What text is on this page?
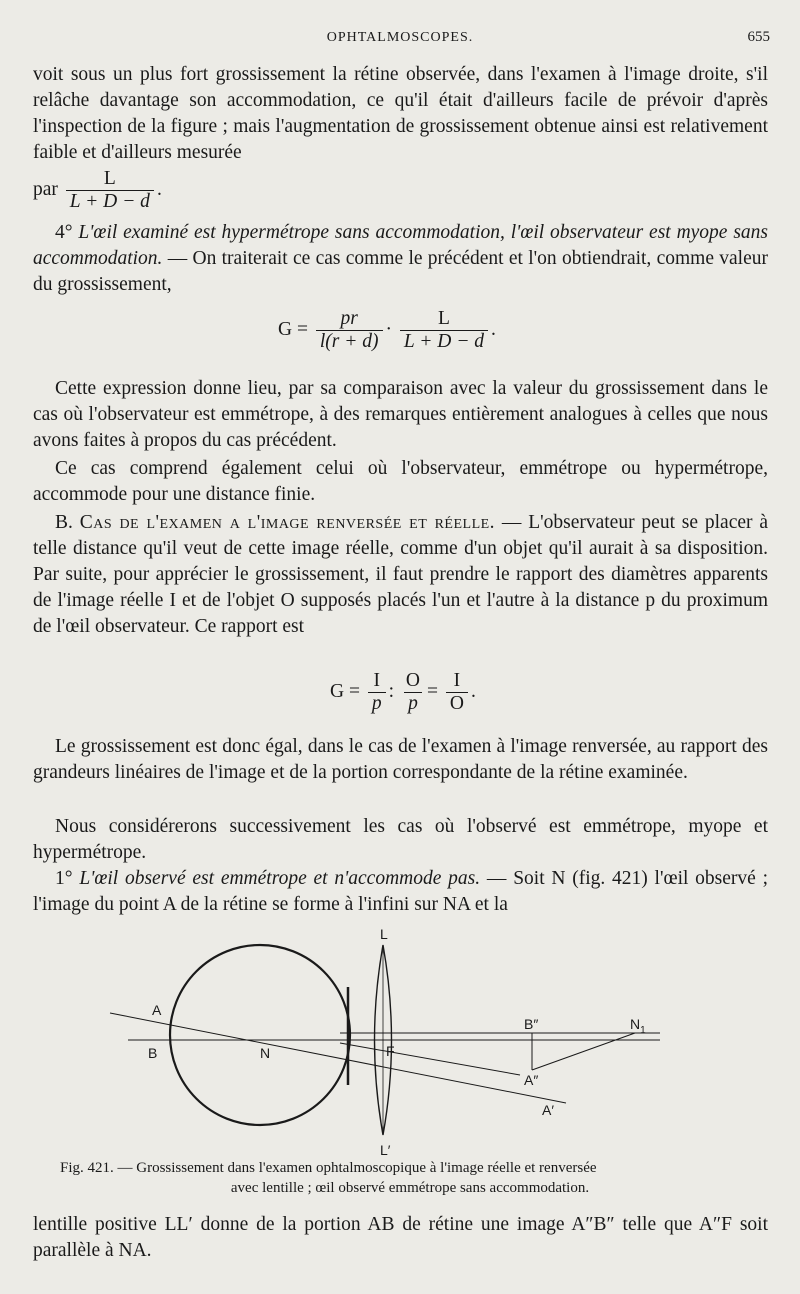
OPHTALMOSCOPES.	655
voit sous un plus fort grossissement la rétine observée, dans l'examen à l'image droite, s'il relâche davantage son accommodation, ce qu'il était d'ailleurs facile de prévoir d'après l'inspection de la figure ; mais l'augmentation de grossissement obtenue ainsi est relativement faible et d'ailleurs mesurée
par $\frac{L}{L + D - d}$ .
4° L'œil examiné est hypermétrope sans accommodation, l'œil observateur est myope sans accommodation. — On traiterait ce cas comme le précédent et l'on obtiendrait, comme valeur du grossissement,
$G = \frac{pr}{l(r + d)} \cdot \frac{L}{L + D - d}$ .
Cette expression donne lieu, par sa comparaison avec la valeur du grossissement dans le cas où l'observateur est emmétrope, à des remarques entièrement analogues à celles que nous avons faites à propos du cas précédent.
Ce cas comprend également celui où l'observateur, emmétrope ou hypermétrope, accommode pour une distance finie.
B. Cas de l'examen a l'image renversée et réelle. — L'observateur peut se placer à telle distance qu'il veut de cette image réelle, comme d'un objet qu'il aurait à sa disposition. Par suite, pour apprécier le grossissement, il faut prendre le rapport des diamètres apparents de l'image réelle I et de l'objet O supposés placés l'un et l'autre à la distance p du proximum de l'œil observateur. Ce rapport est
$G = \frac{I}{p}$ : $\frac{O}{p} = \frac{I}{O}$ .
Le grossissement est donc égal, dans le cas de l'examen à l'image renversée, au rapport des grandeurs linéaires de l'image et de la portion correspondante de la rétine examinée.
Nous considérerons successivement les cas où l'observé est emmétrope, myope et hypermétrope.
1° L'œil observé est emmétrope et n'accommode pas. — Soit N (fig. 421) l'œil observé ; l'image du point A de la rétine se forme à l'infini sur NA et la
A
B	N
L
F
L′
B″	$N_1$
A″
A′
Fig. 421. — Grossissement dans l'examen ophtalmoscopique à l'image réelle et renversée
avec lentille ; œil observé emmétrope sans accommodation.
lentille positive LL′ donne de la portion AB de rétine une image A″B″ telle que A″F soit parallèle à NA.
